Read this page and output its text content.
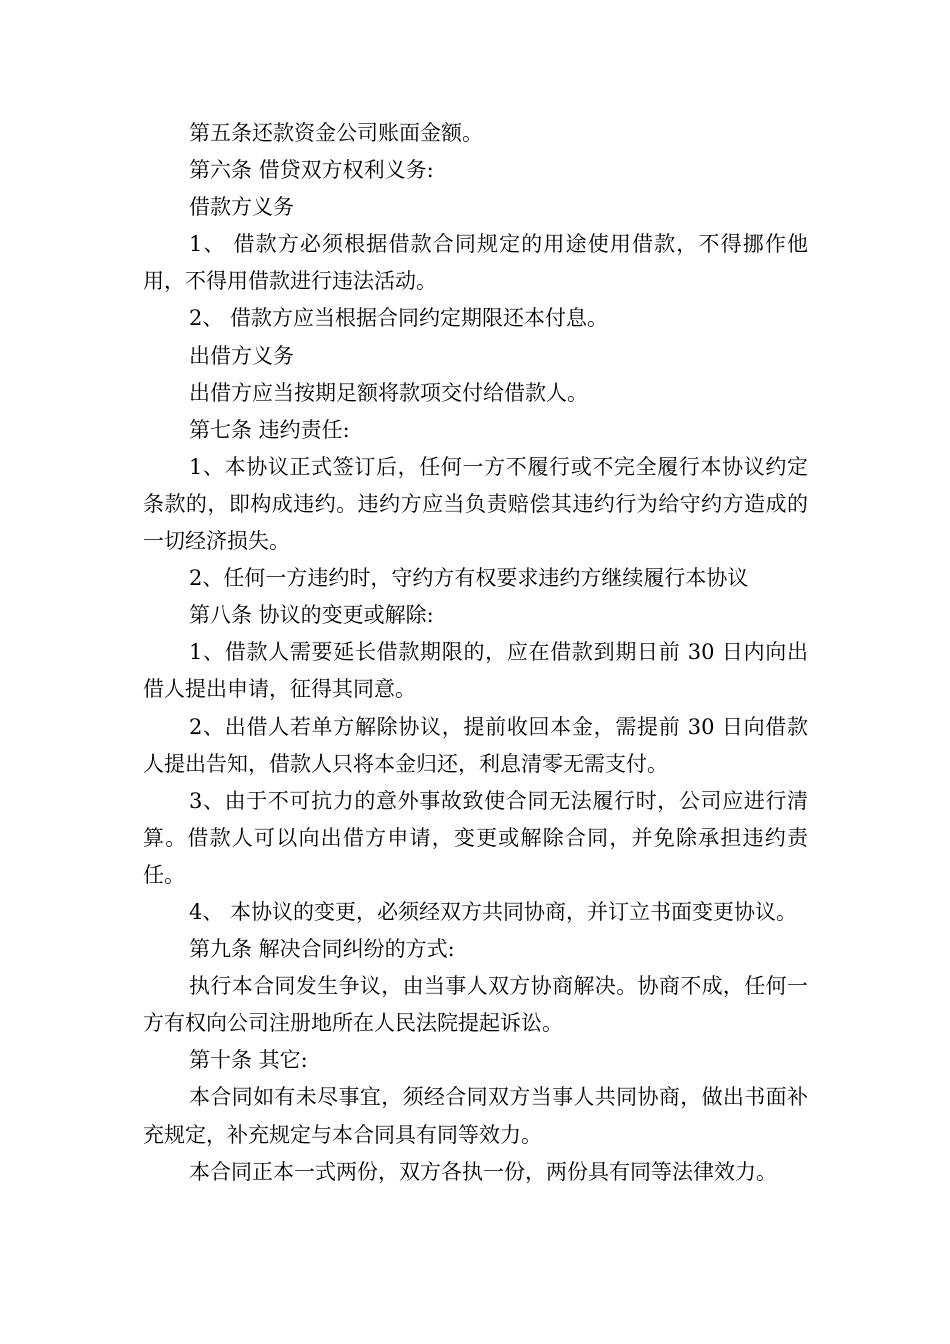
第五条还款资金公司账面金额。

第六条 借贷双方权利义务:

借款方义务

1、 借款方必须根据借款合同规定的用途使用借款，不得挪作他用，不得用借款进行违法活动。

2、 借款方应当根据合同约定期限还本付息。

出借方义务

出借方应当按期足额将款项交付给借款人。

第七条 违约责任:

1、本协议正式签订后，任何一方不履行或不完全履行本协议约定条款的，即构成违约。违约方应当负责赔偿其违约行为给守约方造成的一切经济损失。

2、任何一方违约时，守约方有权要求违约方继续履行本协议

第八条 协议的变更或解除:

1、借款人需要延长借款期限的，应在借款到期日前 30 日内向出借人提出申请，征得其同意。

2、出借人若单方解除协议，提前收回本金，需提前 30 日向借款人提出告知，借款人只将本金归还，利息清零无需支付。

3、由于不可抗力的意外事故致使合同无法履行时，公司应进行清算。借款人可以向出借方申请，变更或解除合同，并免除承担违约责任。

4、 本协议的变更，必须经双方共同协商，并订立书面变更协议。

第九条 解决合同纠纷的方式:

执行本合同发生争议，由当事人双方协商解决。协商不成，任何一方有权向公司注册地所在人民法院提起诉讼。

第十条 其它:

本合同如有未尽事宜，须经合同双方当事人共同协商，做出书面补充规定，补充规定与本合同具有同等效力。

本合同正本一式两份，双方各执一份，两份具有同等法律效力。
